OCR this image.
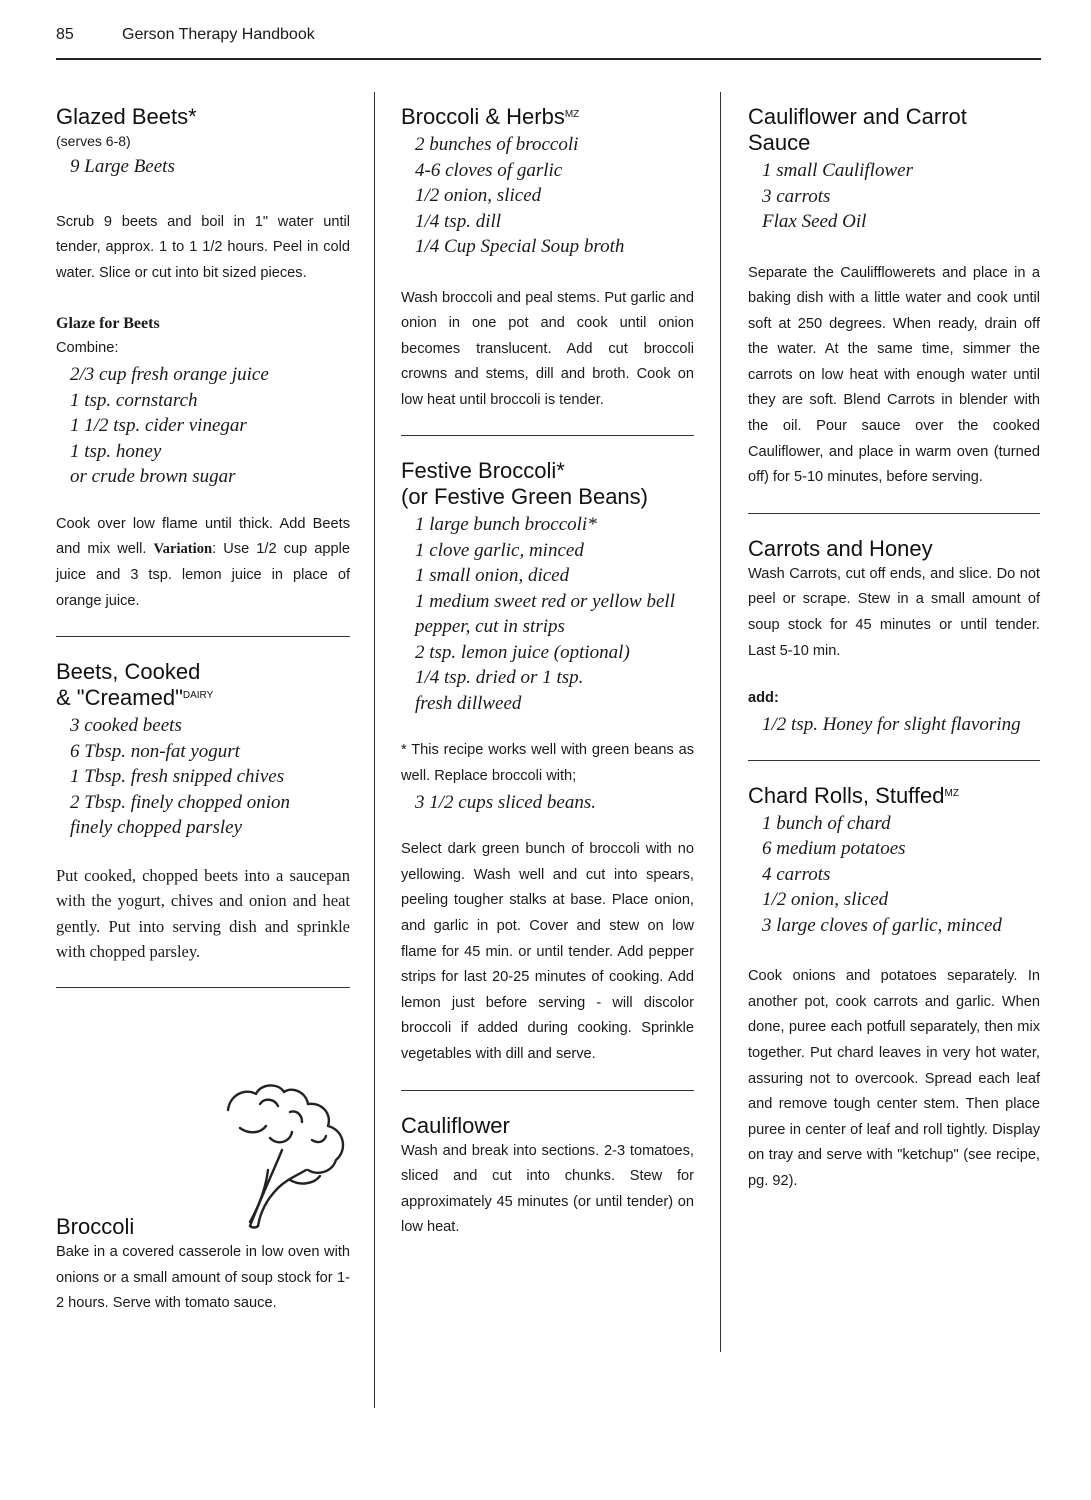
85	Gerson Therapy Handbook
Glazed Beets*

(serves 6-8)

9 Large Beets

Scrub 9 beets and boil in 1" water until tender, approx. 1 to 1 1/2 hours. Peel in cold water. Slice or cut into bit sized pieces.

Glaze for Beets

Combine:

2/3 cup fresh orange juice
1 tsp. cornstarch
1 1/2 tsp. cider vinegar
1 tsp. honey
or crude brown sugar

Cook over low flame until thick. Add Beets and mix well. Variation: Use 1/2 cup apple juice and 3 tsp. lemon juice in place of orange juice.

Beets, Cooked
& "Creamed"$^{DAIRY}$
3 cooked beets
6 Tbsp. non-fat yogurt
1 Tbsp. fresh snipped chives
2 Tbsp. finely chopped onion
finely chopped parsley

Put cooked, chopped beets into a saucepan with the yogurt, chives and onion and heat gently. Put into serving dish and sprinkle with chopped parsley.

Broccoli

Bake in a covered casserole in low oven with onions or a small amount of soup stock for 1-2 hours. Serve with tomato sauce.

Broccoli & Herbs$^{MZ}$
2 bunches of broccoli
4-6 cloves of garlic
1/2 onion, sliced
1/4 tsp. dill
1/4 Cup Special Soup broth

Wash broccoli and peal stems. Put garlic and onion in one pot and cook until onion becomes translucent. Add cut broccoli crowns and stems, dill and broth. Cook on low heat until broccoli is tender.

Festive Broccoli*
(or Festive Green Beans)
1 large bunch broccoli*
1 clove garlic, minced
1 small onion, diced
1 medium sweet red or yellow bell pepper, cut in strips
2 tsp. lemon juice (optional)
1/4 tsp. dried or 1 tsp.
fresh dillweed

* This recipe works well with green beans as well. Replace broccoli with;

3 1/2 cups sliced beans.

Select dark green bunch of broccoli with no yellowing. Wash well and cut into spears, peeling tougher stalks at base. Place onion, and garlic in pot. Cover and stew on low flame for 45 min. or until tender. Add pepper strips for last 20-25 minutes of cooking. Add lemon just before serving - will discolor broccoli if added during cooking. Sprinkle vegetables with dill and serve.

Cauliflower

Wash and break into sections. 2-3 tomatoes, sliced and cut into chunks. Stew for approximately 45 minutes (or until tender) on low heat.

Cauliflower and Carrot
Sauce
1 small Cauliflower
3 carrots
Flax Seed Oil

Separate the Caulifflowerets and place in a baking dish with a little water and cook until soft at 250 degrees. When ready, drain off the water. At the same time, simmer the carrots on low heat with enough water until they are soft. Blend Carrots in blender with the oil. Pour sauce over the cooked Cauliflower, and place in warm oven (turned off) for 5-10 minutes, before serving.

Carrots and Honey

Wash Carrots, cut off ends, and slice. Do not peel or scrape. Stew in a small amount of soup stock for 45 minutes or until tender. Last 5-10 min.

add:

1/2 tsp. Honey for slight flavoring
Chard Rolls, Stuffed$^{MZ}$
1 bunch of chard
6 medium potatoes
4 carrots
1/2 onion, sliced
3 large cloves of garlic, minced

Cook onions and potatoes separately. In another pot, cook carrots and garlic. When done, puree each potfull separately, then mix together. Put chard leaves in very hot water, assuring not to overcook. Spread each leaf and remove tough center stem. Then place puree in center of leaf and roll tightly. Display on tray and serve with "ketchup" (see recipe, pg. 92).
